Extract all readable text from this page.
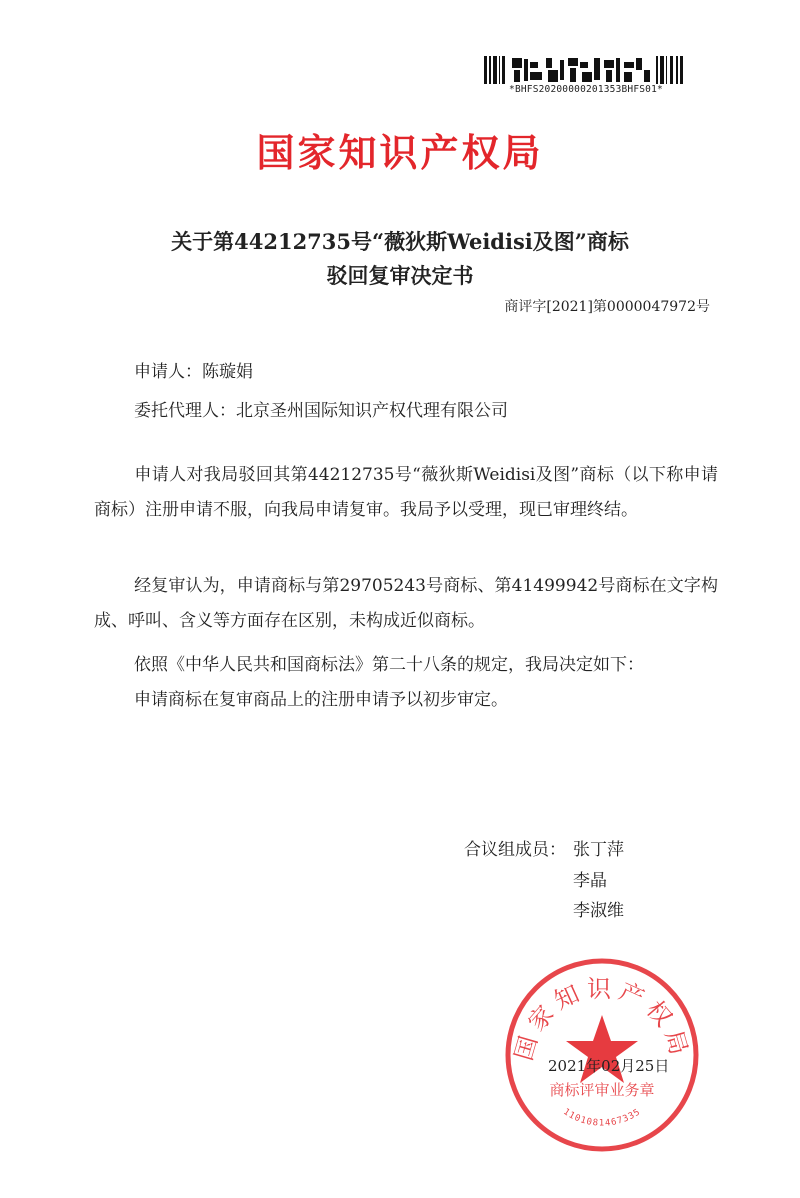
*BHFS20200000201353BHFS01*
国家知识产权局
关于第44212735号“薇狄斯Weidisi及图”商标
驳回复审决定书
商评字[2021]第0000047972号
申请人：陈璇娟
委托代理人：北京圣州国际知识产权代理有限公司
申请人对我局驳回其第44212735号“薇狄斯Weidisi及图”商标（以下称申请商标）注册申请不服，向我局申请复审。我局予以受理，现已审理终结。
经复审认为，申请商标与第29705243号商标、第41499942号商标在文字构成、呼叫、含义等方面存在区别，未构成近似商标。
依照《中华人民共和国商标法》第二十八条的规定，我局决定如下：
申请商标在复审商品上的注册申请予以初步审定。
合议组成员： 张丁萍
李晶
李淑维
国家知识产权局
商标评审业务章
1101081467335
2021年02月25日
